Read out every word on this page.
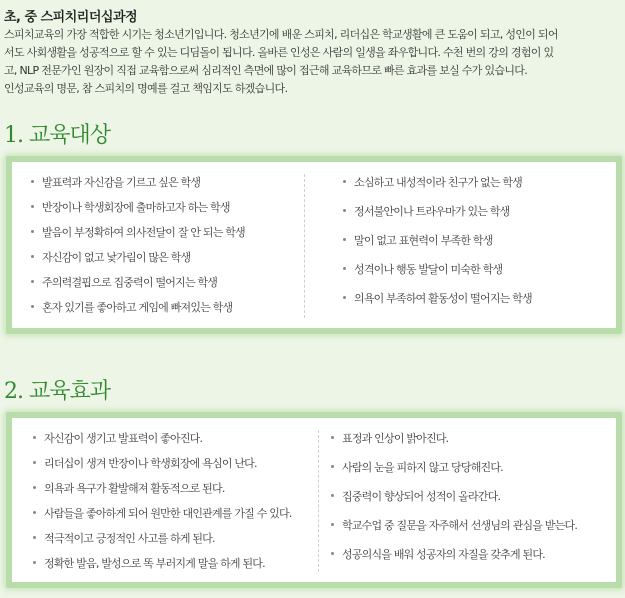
초, 중 스피치리더십과정

스피치교육의 가장 적합한 시기는 청소년기입니다. 청소년기에 배운 스피치, 리더십은 학교생활에 큰 도움이 되고, 성인이 되어

서도 사회생활을 성공적으로 할 수 있는 디딤돌이 됩니다. 올바른 인성은 사람의 일생을 좌우합니다. 수천 번의 강의 경험이 있

고, NLP 전문가인 원장이 직접 교육함으로써 심리적인 측면에 많이 접근해 교육하므로 빠른 효과를 보실 수가 있습니다.

인성교육의 명문, 참 스피치의 명예를 걸고 책임지도 하겠습니다.

1. 교육대상
발표력과 자신감을 기르고 싶은 학생
반장이나 학생회장에 출마하고자 하는 학생
발음이 부정확하여 의사전달이 잘 안 되는 학생
자신감이 없고 낯가림이 많은 학생
주의력결핍으로 집중력이 떨어지는 학생
혼자 있기를 좋아하고 게임에 빠져있는 학생
소심하고 내성적이라 친구가 없는 학생
정서불안이나 트라우마가 있는 학생
말이 없고 표현력이 부족한 학생
성격이나 행동 발달이 미숙한 학생
의욕이 부족하여 활동성이 떨어지는 학생
2. 교육효과
자신감이 생기고 발표력이 좋아진다.
리더십이 생겨 반장이나 학생회장에 욕심이 난다.
의욕과 욕구가 활발해져 활동적으로 된다.
사람들을 좋아하게 되어 원만한 대인관계를 가질 수 있다.
적극적이고 긍정적인 사고를 하게 된다.
정확한 발음, 발성으로 똑 부러지게 말을 하게 된다.
표정과 인상이 밝아진다.
사람의 눈을 피하지 않고 당당해진다.
집중력이 향상되어 성적이 올라간다.
학교수업 중 질문을 자주해서 선생님의 관심을 받는다.
성공의식을 배워 성공자의 자질을 갖추게 된다.
